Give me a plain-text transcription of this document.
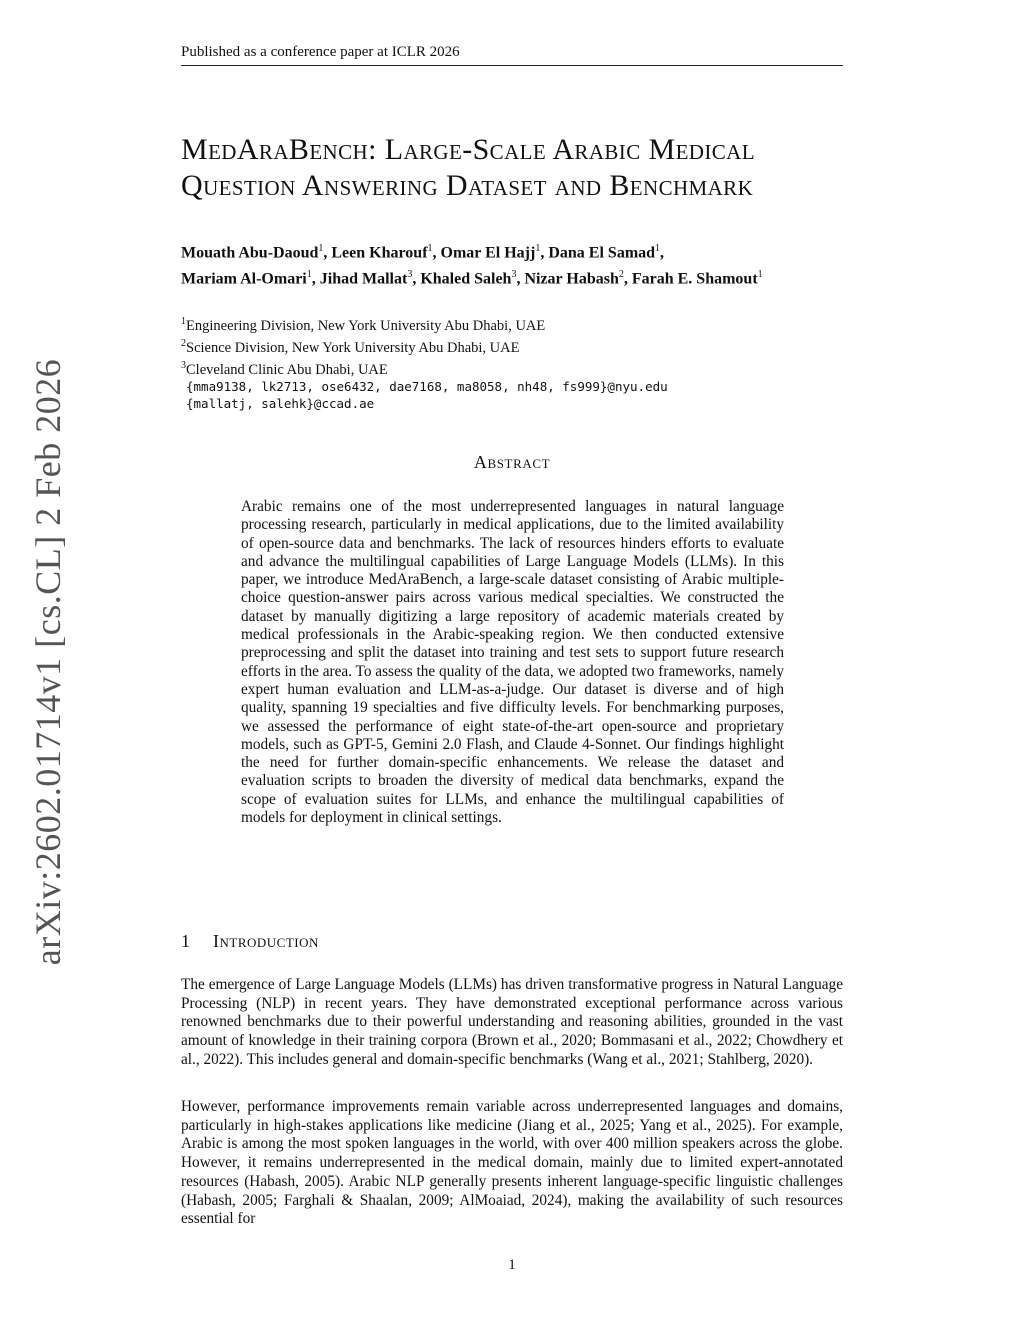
Published as a conference paper at ICLR 2026
arXiv:2602.01714v1 [cs.CL] 2 Feb 2026
MedAraBench: Large-Scale Arabic Medical
Question Answering Dataset and Benchmark
Mouath Abu-Daoud$^1$, Leen Kharouf$^1$, Omar El Hajj$^1$, Dana El Samad$^1$,
Mariam Al-Omari$^1$, Jihad Mallat$^3$, Khaled Saleh$^3$, Nizar Habash$^2$, Farah E. Shamout$^1$
$^1$Engineering Division, New York University Abu Dhabi, UAE
$^2$Science Division, New York University Abu Dhabi, UAE
$^3$Cleveland Clinic Abu Dhabi, UAE
{mma9138, lk2713, ose6432, dae7168, ma8058, nh48, fs999}@nyu.edu
{mallatj, salehk}@ccad.ae
Abstract

Arabic remains one of the most underrepresented languages in natural language processing research, particularly in medical applications, due to the limited availability of open-source data and benchmarks. The lack of resources hinders efforts to evaluate and advance the multilingual capabilities of Large Language Models (LLMs). In this paper, we introduce MedAraBench, a large-scale dataset consisting of Arabic multiple-choice question-answer pairs across various medical specialties. We constructed the dataset by manually digitizing a large repository of academic materials created by medical professionals in the Arabic-speaking region. We then conducted extensive preprocessing and split the dataset into training and test sets to support future research efforts in the area. To assess the quality of the data, we adopted two frameworks, namely expert human evaluation and LLM-as-a-judge. Our dataset is diverse and of high quality, spanning 19 specialties and five difficulty levels. For benchmarking purposes, we assessed the performance of eight state-of-the-art open-source and proprietary models, such as GPT-5, Gemini 2.0 Flash, and Claude 4-Sonnet. Our findings highlight the need for further domain-specific enhancements. We release the dataset and evaluation scripts to broaden the diversity of medical data benchmarks, expand the scope of evaluation suites for LLMs, and enhance the multilingual capabilities of models for deployment in clinical settings.

1 Introduction

The emergence of Large Language Models (LLMs) has driven transformative progress in Natural Language Processing (NLP) in recent years. They have demonstrated exceptional performance across various renowned benchmarks due to their powerful understanding and reasoning abilities, grounded in the vast amount of knowledge in their training corpora (Brown et al., 2020; Bommasani et al., 2022; Chowdhery et al., 2022). This includes general and domain-specific benchmarks (Wang et al., 2021; Stahlberg, 2020).

However, performance improvements remain variable across underrepresented languages and domains, particularly in high-stakes applications like medicine (Jiang et al., 2025; Yang et al., 2025). For example, Arabic is among the most spoken languages in the world, with over 400 million speakers across the globe. However, it remains underrepresented in the medical domain, mainly due to limited expert-annotated resources (Habash, 2005). Arabic NLP generally presents inherent language-specific linguistic challenges (Habash, 2005; Farghali & Shaalan, 2009; AlMoaiad, 2024), making the availability of such resources essential for

1
